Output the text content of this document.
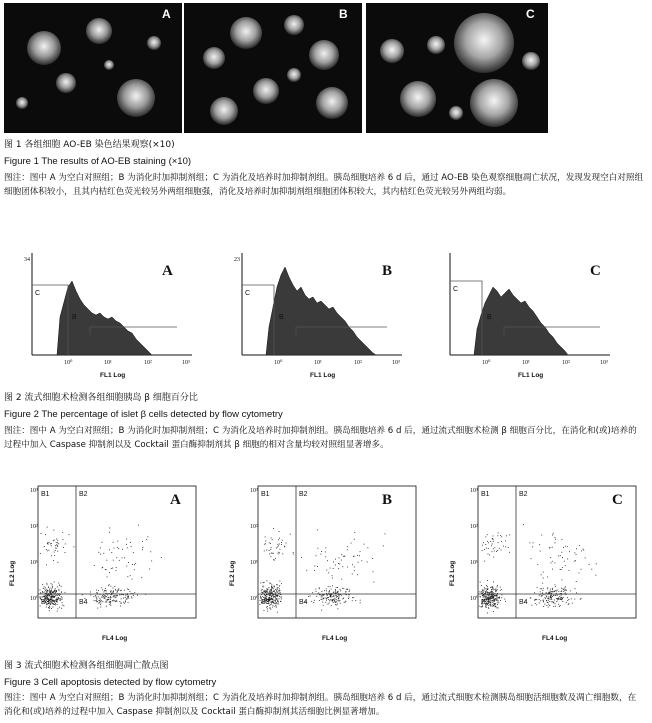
A	B	C
图 1 各组细胞 AO-EB 染色结果观察(×10)
Figure 1 The results of AO-EB staining (×10)
图注：图中 A 为空白对照组；B 为消化时加抑制剂组；C 为消化及培养时加抑制剂组。胰岛细胞培养 6 d 后，通过 AO-EB 染色观察细胞凋亡状况，发现发现空白对照组细胞团体积较小，且其内桔红色荧光较另外两组细胞强，消化及培养时加抑制剂组细胞团体积较大，其内桔红色荧光较另外两组均弱。
34
C
B
A
10⁰	10¹	10²	10³
FL1 Log
23
C
B
B
10⁰	10¹	10²	10³
FL1 Log
C
B
C
10⁰	10¹	10²	10³
FL1 Log
图 2 流式细胞术检测各组细胞胰岛 β 细胞百分比
Figure 2 The percentage of islet β cells detected by flow cytometry
图注：图中 A 为空白对照组；B 为消化时加抑制剂组；C 为消化及培养时加抑制剂组。胰岛细胞培养 6 d 后，通过流式细胞术检测 β 细胞百分比，在消化和(或)培养的过程中加入 Caspase 抑制剂以及 Cocktail 蛋白酶抑制剂其 β 细胞的相对含量均较对照组显著增多。
FL2 Log
10³
10²
10¹
10⁰
B1	B2
B3	B4
A
FL4 Log
FL2 Log
10³
10²
10¹
10⁰
B1	B2
B3	B4
B
FL4 Log
FL2 Log
10³
10²
10¹
10⁰
B1	B2
B3	B4
C
FL4 Log
图 3 流式细胞术检测各组细胞凋亡散点图
Figure 3 Cell apoptosis detected by flow cytometry
图注：图中 A 为空白对照组；B 为消化时加抑制剂组；C 为消化及培养时加抑制剂组。胰岛细胞培养 6 d 后，通过流式细胞术检测胰岛细胞活细胞数及凋亡细胞数，在消化和(或)培养的过程中加入 Caspase 抑制剂以及 Cocktail 蛋白酶抑制剂其活细胞比例显著增加。
